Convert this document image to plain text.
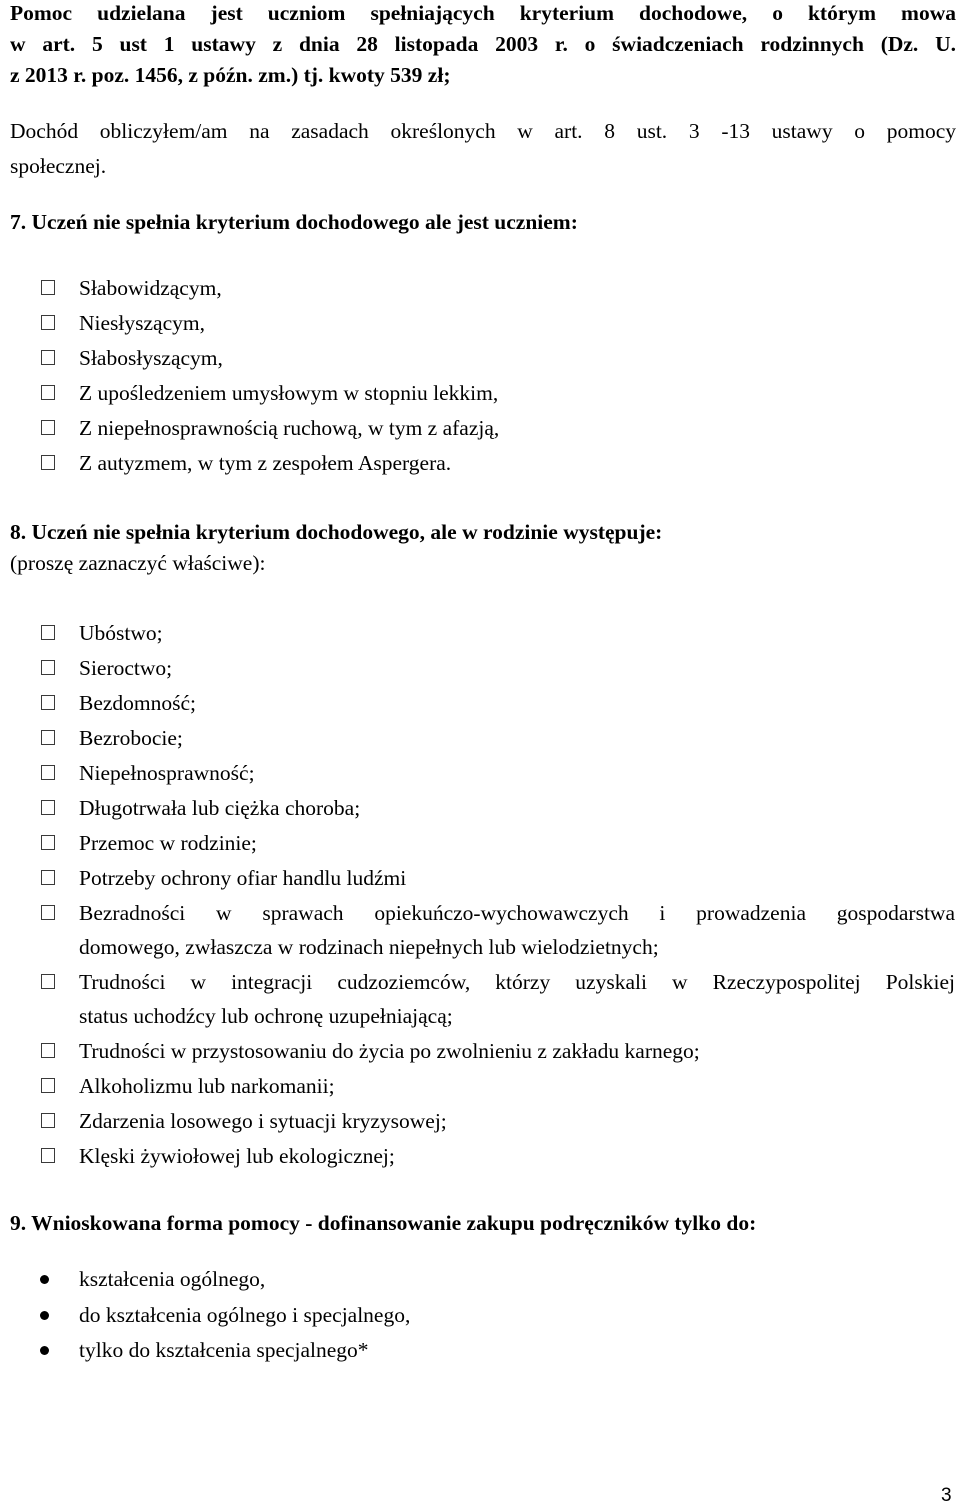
Pomoc udzielana jest uczniom spełniających kryterium dochodowe, o którym mowa
w art. 5 ust 1 ustawy z dnia 28 listopada 2003 r. o świadczeniach rodzinnych (Dz. U.
z 2013 r. poz. 1456, z późn. zm.) tj. kwoty 539 zł;
Dochód obliczyłem/am na zasadach określonych w art. 8 ust. 3 -13 ustawy o pomocy
społecznej.
7. Uczeń nie spełnia kryterium dochodowego ale jest uczniem:
Słabowidzącym,
Niesłyszącym,
Słabosłyszącym,
Z upośledzeniem umysłowym w stopniu lekkim,
Z niepełnosprawnością ruchową, w tym z afazją,
Z autyzmem, w tym z zespołem Aspergera.
8. Uczeń nie spełnia kryterium dochodowego, ale w rodzinie występuje:
(proszę zaznaczyć właściwe):
Ubóstwo;
Sieroctwo;
Bezdomność;
Bezrobocie;
Niepełnosprawność;
Długotrwała lub ciężka choroba;
Przemoc w rodzinie;
Potrzeby ochrony ofiar handlu ludźmi
Bezradności w sprawach opiekuńczo-wychowawczych i prowadzenia gospodarstwa
domowego, zwłaszcza w rodzinach niepełnych lub wielodzietnych;
Trudności w integracji cudzoziemców, którzy uzyskali w Rzeczypospolitej Polskiej
status uchodźcy lub ochronę uzupełniającą;
Trudności w przystosowaniu do życia po zwolnieniu z zakładu karnego;
Alkoholizmu lub narkomanii;
Zdarzenia losowego i sytuacji kryzysowej;
Klęski żywiołowej lub ekologicznej;
9. Wnioskowana forma pomocy - dofinansowanie zakupu podręczników tylko do:
kształcenia ogólnego,
do kształcenia ogólnego i specjalnego,
tylko do kształcenia specjalnego*
3
